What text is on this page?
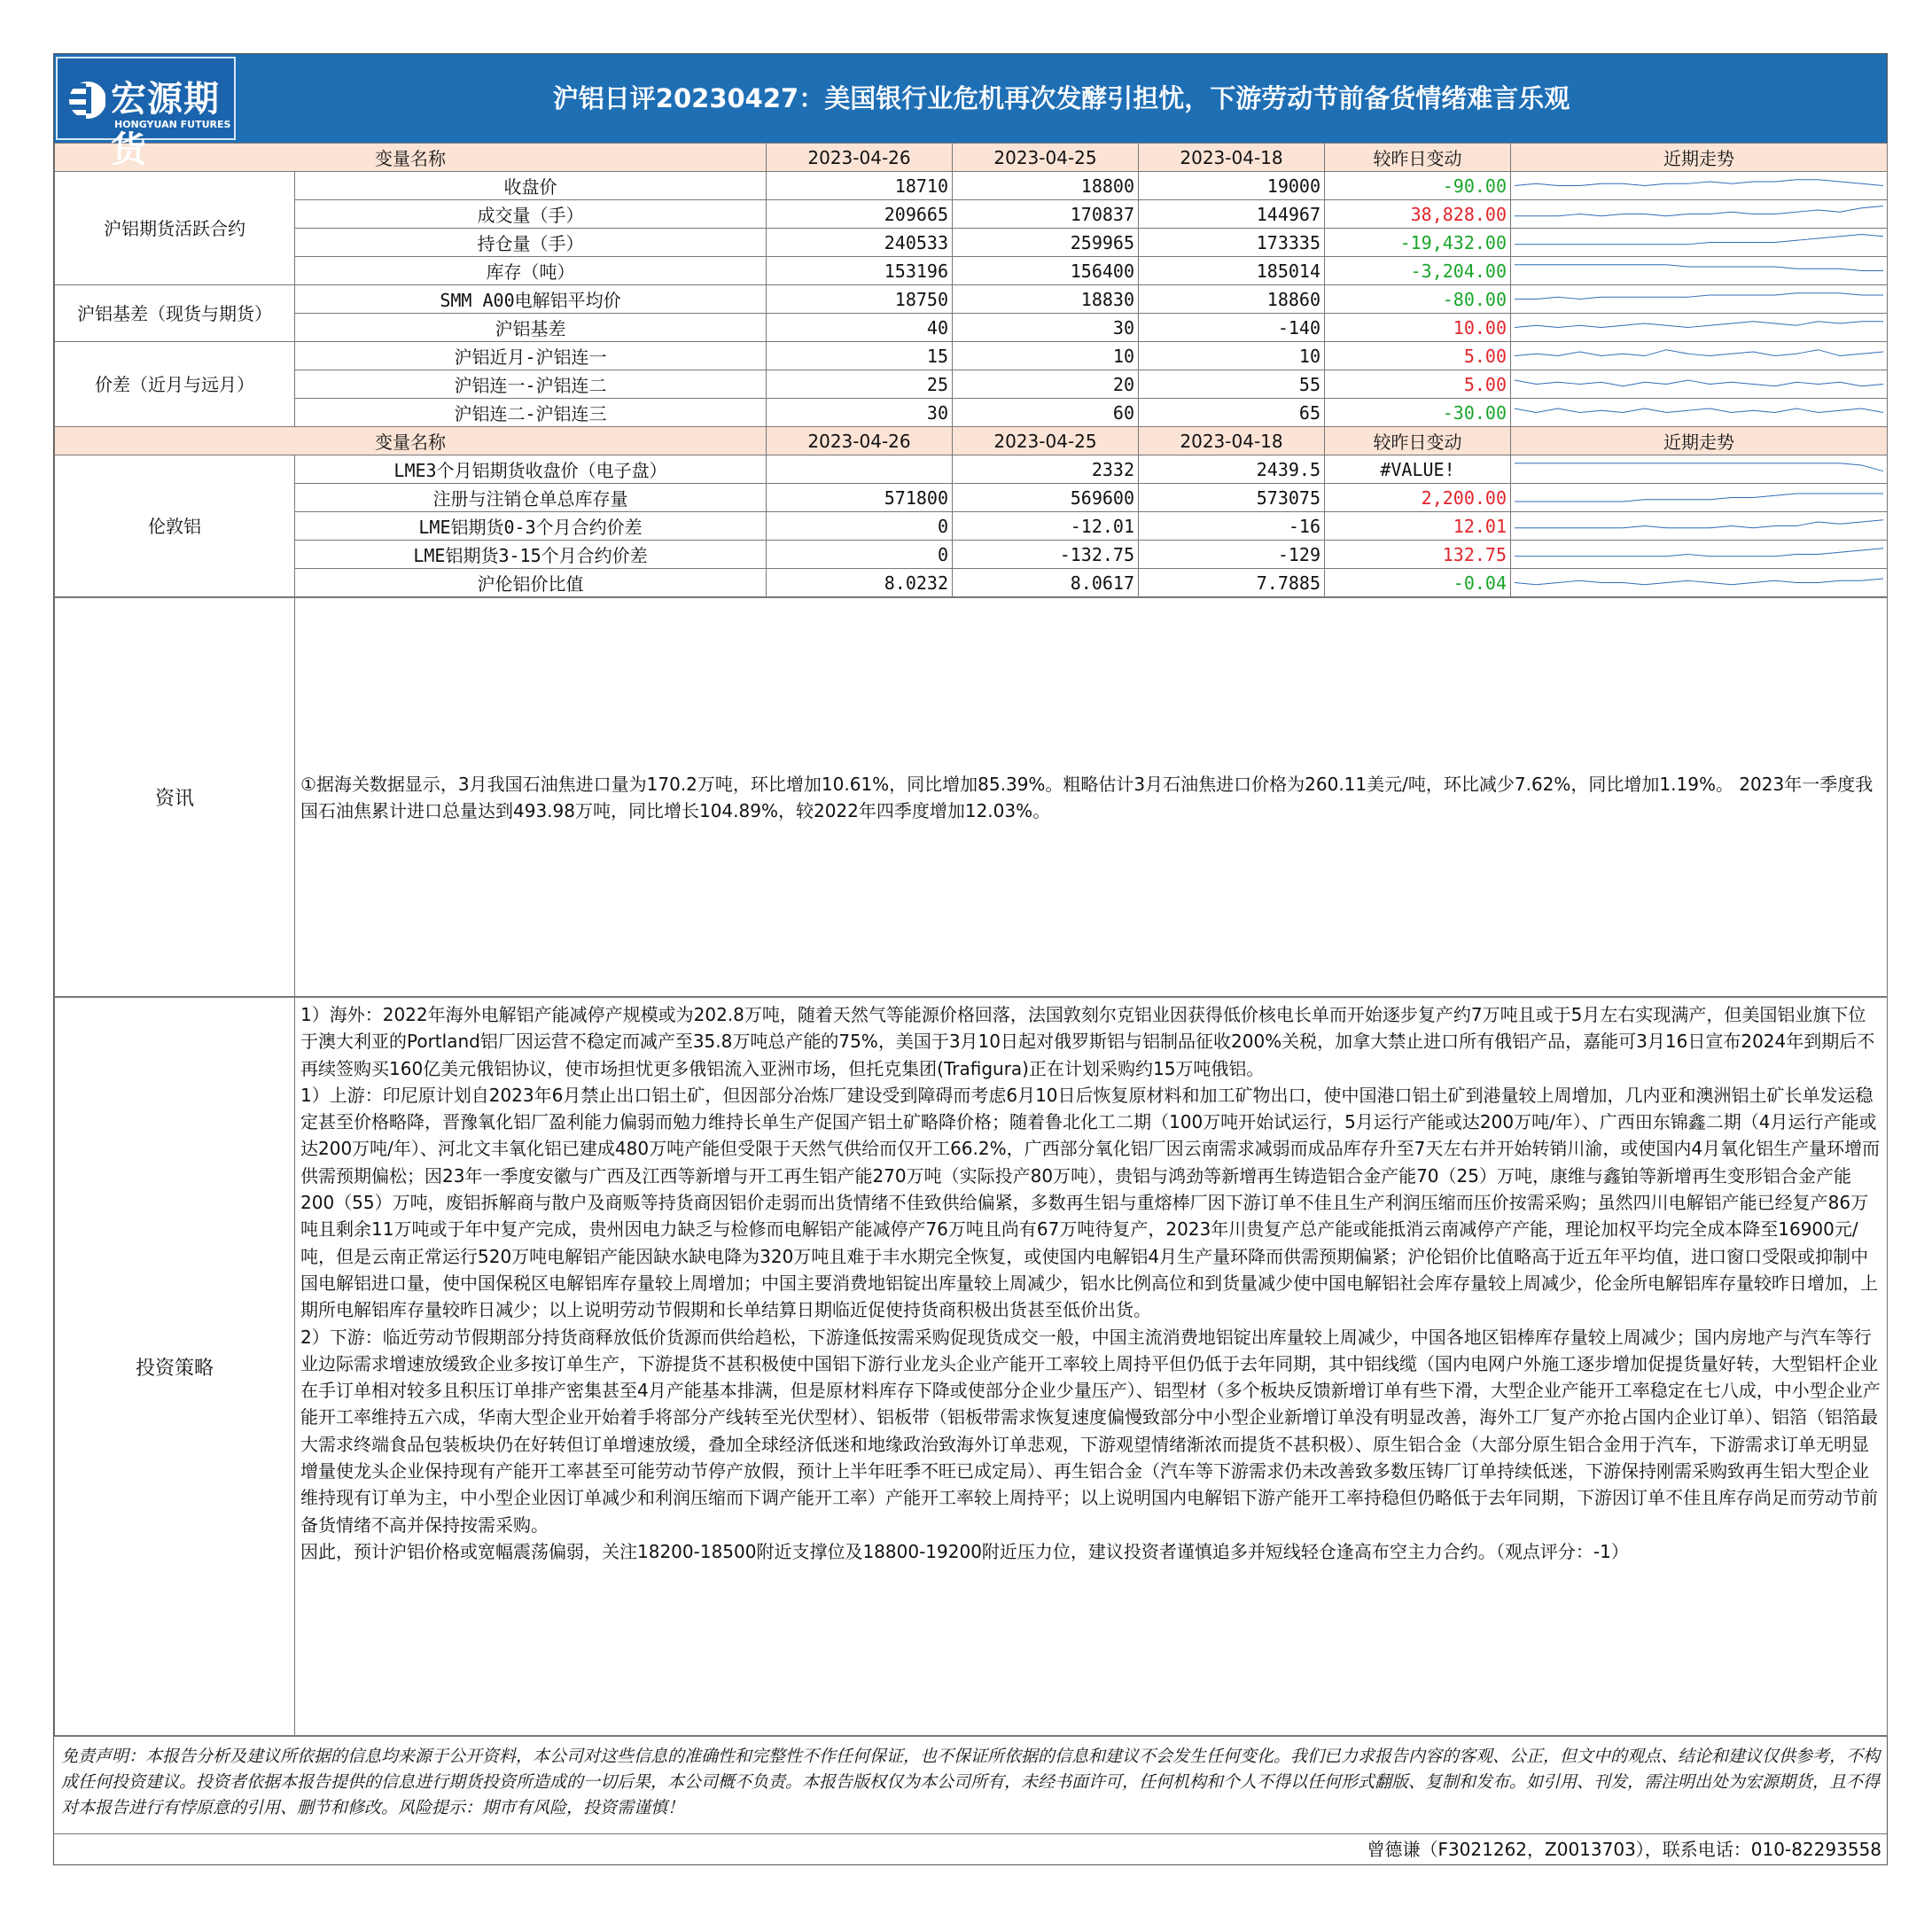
宏源期货
HONGYUAN FUTURES
沪铝日评20230427：美国银行业危机再次发酵引担忧，下游劳动节前备货情绪难言乐观
变量名称		2023-04-26	2023-04-25	2023-04-18	较昨日变动	近期走势
沪铝期货活跃合约	收盘价	18710	18800	19000	-90.00	

	成交量（手）	209665	170837	144967	38,828.00	

	持仓量（手）	240533	259965	173335	-19,432.00	

	库存（吨）	153196	156400	185014	-3,204.00	

沪铝基差（现货与期货）	SMM A00电解铝平均价	18750	18830	18860	-80.00	

	沪铝基差	40	30	-140	10.00	

价差（近月与远月）	沪铝近月-沪铝连一	15	10	10	5.00	

	沪铝连一-沪铝连二	25	20	55	5.00	

	沪铝连二-沪铝连三	30	60	65	-30.00	

变量名称		2023-04-26	2023-04-25	2023-04-18	较昨日变动	近期走势
伦敦铝	LME3个月铝期货收盘价（电子盘）		2332	2439.5	#VALUE!	

	注册与注销仓单总库存量	571800	569600	573075	2,200.00	

	LME铝期货0-3个月合约价差	0	-12.01	-16	12.01	

	LME铝期货3-15个月合约价差	0	-132.75	-129	132.75	

	沪伦铝价比值	8.0232	8.0617	7.7885	-0.04	
资讯	①据海关数据显示，3月我国石油焦进口量为170.2万吨，环比增加10.61%，同比增加85.39%。粗略估计3月石油焦进口价格为260.11美元/吨，环比减少7.62%，同比增加1.19%。 2023年一季度我国石油焦累计进口总量达到493.98万吨，同比增长104.89%，较2022年四季度增加12.03%。
投资策略	

1）海外：2022年海外电解铝产能减停产规模或为202.8万吨，随着天然气等能源价格回落，法国敦刻尔克铝业因获得低价核电长单而开始逐步复产约7万吨且或于5月左右实现满产，但美国铝业旗下位于澳大利亚的Portland铝厂因运营不稳定而减产至35.8万吨总产能的75%，美国于3月10日起对俄罗斯铝与铝制品征收200%关税，加拿大禁止进口所有俄铝产品，嘉能可3月16日宣布2024年到期后不再续签购买160亿美元俄铝协议，使市场担忧更多俄铝流入亚洲市场，但托克集团(Trafigura)正在计划采购约15万吨俄铝。

1）上游：印尼原计划自2023年6月禁止出口铝土矿，但因部分冶炼厂建设受到障碍而考虑6月10日后恢复原材料和加工矿物出口，使中国港口铝土矿到港量较上周增加，几内亚和澳洲铝土矿长单发运稳定甚至价格略降，晋豫氧化铝厂盈利能力偏弱而勉力维持长单生产促国产铝土矿略降价格；随着鲁北化工二期（100万吨开始试运行，5月运行产能或达200万吨/年）、广西田东锦鑫二期（4月运行产能或达200万吨/年）、河北文丰氧化铝已建成480万吨产能但受限于天然气供给而仅开工66.2%，广西部分氧化铝厂因云南需求减弱而成品库存升至7天左右并开始转销川渝，或使国内4月氧化铝生产量环增而供需预期偏松；因23年一季度安徽与广西及江西等新增与开工再生铝产能270万吨（实际投产80万吨），贵铝与鸿劲等新增再生铸造铝合金产能70（25）万吨，康维与鑫铂等新增再生变形铝合金产能200（55）万吨，废铝拆解商与散户及商贩等持货商因铝价走弱而出货情绪不佳致供给偏紧，多数再生铝与重熔棒厂因下游订单不佳且生产利润压缩而压价按需采购；虽然四川电解铝产能已经复产86万吨且剩余11万吨或于年中复产完成，贵州因电力缺乏与检修而电解铝产能减停产76万吨且尚有67万吨待复产，2023年川贵复产总产能或能抵消云南减停产产能，理论加权平均完全成本降至16900元/吨，但是云南正常运行520万吨电解铝产能因缺水缺电降为320万吨且难于丰水期完全恢复，或使国内电解铝4月生产量环降而供需预期偏紧；沪伦铝价比值略高于近五年平均值，进口窗口受限或抑制中国电解铝进口量，使中国保税区电解铝库存量较上周增加；中国主要消费地铝锭出库量较上周减少，铝水比例高位和到货量减少使中国电解铝社会库存量较上周减少，伦金所电解铝库存量较昨日增加，上期所电解铝库存量较昨日减少；以上说明劳动节假期和长单结算日期临近促使持货商积极出货甚至低价出货。

2）下游：临近劳动节假期部分持货商释放低价货源而供给趋松，下游逢低按需采购促现货成交一般，中国主流消费地铝锭出库量较上周减少，中国各地区铝棒库存量较上周减少；国内房地产与汽车等行业边际需求增速放缓致企业多按订单生产，下游提货不甚积极使中国铝下游行业龙头企业产能开工率较上周持平但仍低于去年同期，其中铝线缆（国内电网户外施工逐步增加促提货量好转，大型铝杆企业在手订单相对较多且积压订单排产密集甚至4月产能基本排满，但是原材料库存下降或使部分企业少量压产）、铝型材（多个板块反馈新增订单有些下滑，大型企业产能开工率稳定在七八成，中小型企业产能开工率维持五六成，华南大型企业开始着手将部分产线转至光伏型材）、铝板带（铝板带需求恢复速度偏慢致部分中小型企业新增订单没有明显改善，海外工厂复产亦抢占国内企业订单）、铝箔（铝箔最大需求终端食品包装板块仍在好转但订单增速放缓，叠加全球经济低迷和地缘政治致海外订单悲观，下游观望情绪渐浓而提货不甚积极）、原生铝合金（大部分原生铝合金用于汽车，下游需求订单无明显增量使龙头企业保持现有产能开工率甚至可能劳动节停产放假，预计上半年旺季不旺已成定局）、再生铝合金（汽车等下游需求仍未改善致多数压铸厂订单持续低迷，下游保持刚需采购致再生铝大型企业维持现有订单为主，中小型企业因订单减少和利润压缩而下调产能开工率）产能开工率较上周持平；以上说明国内电解铝下游产能开工率持稳但仍略低于去年同期，下游因订单不佳且库存尚足而劳动节前备货情绪不高并保持按需采购。

因此，预计沪铝价格或宽幅震荡偏弱，关注18200-18500附近支撑位及18800-19200附近压力位，建议投资者谨慎追多并短线轻仓逢高布空主力合约。（观点评分：-1）

免责声明：本报告分析及建议所依据的信息均来源于公开资料，本公司对这些信息的准确性和完整性不作任何保证，也不保证所依据的信息和建议不会发生任何变化。我们已力求报告内容的客观、公正，但文中的观点、结论和建议仅供参考，不构成任何投资建议。投资者依据本报告提供的信息进行期货投资所造成的一切后果，本公司概不负责。本报告版权仅为本公司所有，未经书面许可，任何机构和个人不得以任何形式翻版、复制和发布。如引用、刊发，需注明出处为宏源期货，且不得对本报告进行有悖原意的引用、删节和修改。风险提示：期市有风险，投资需谨慎！
曾德谦（F3021262，Z0013703），联系电话：010-82293558
